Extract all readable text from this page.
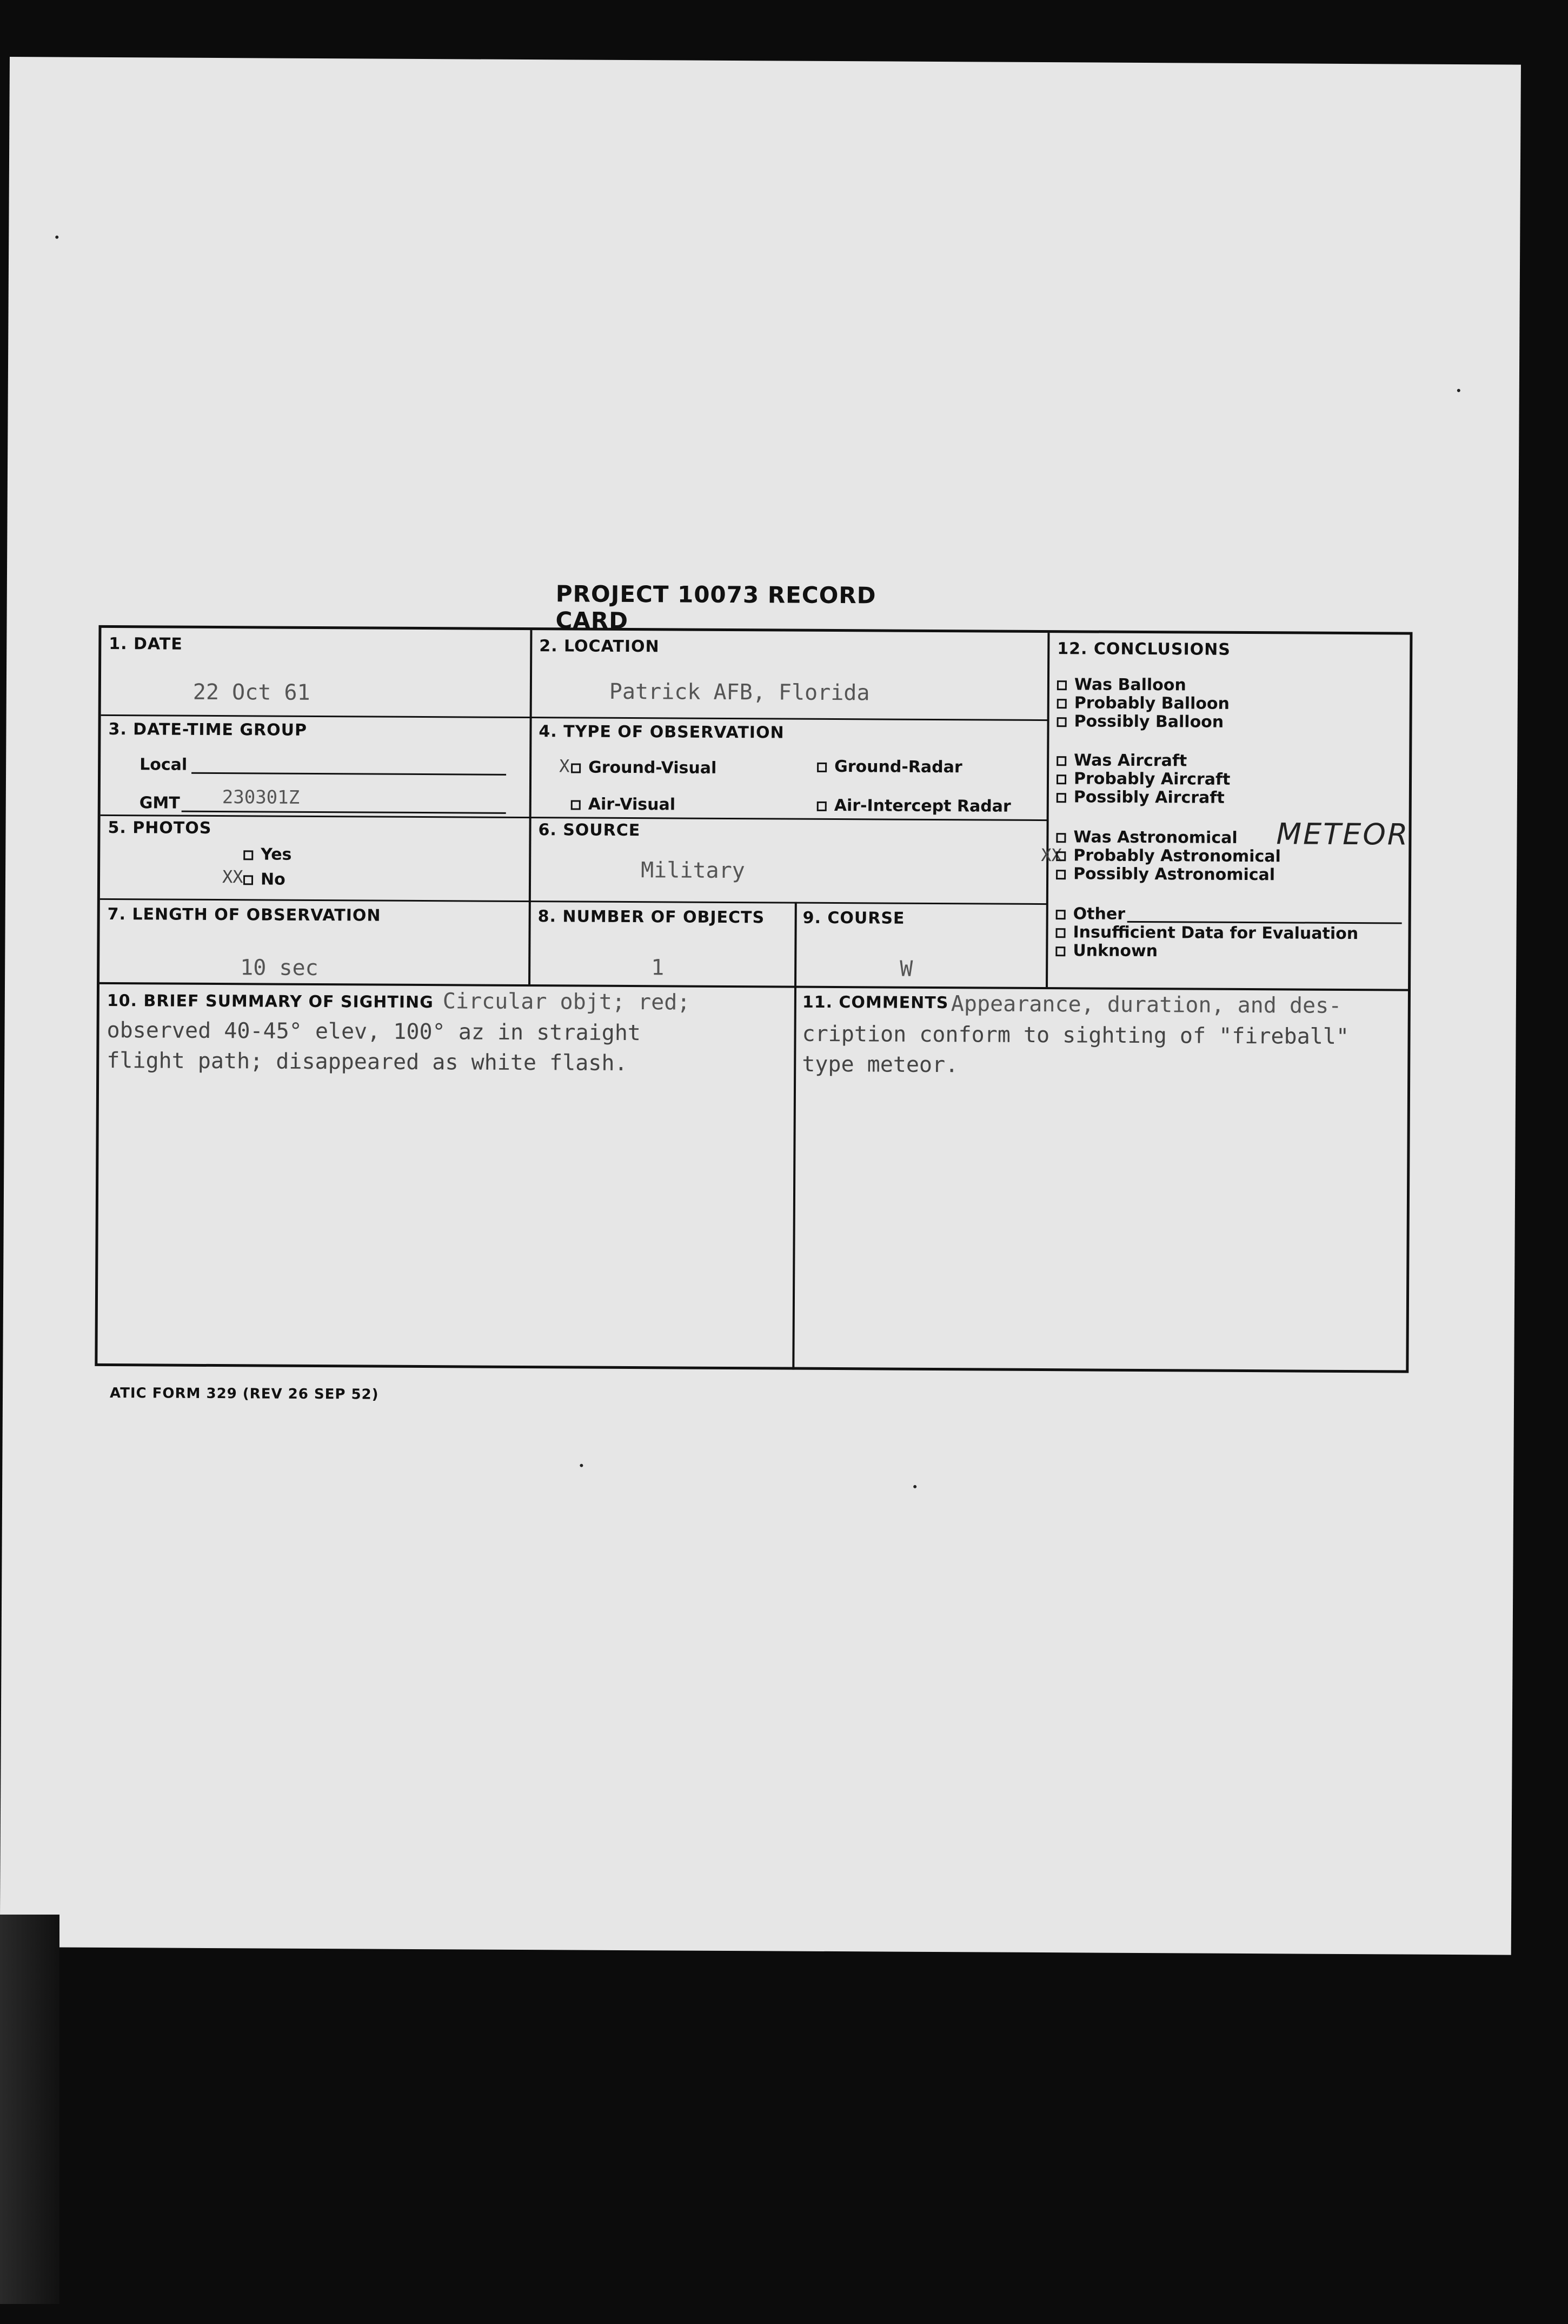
PROJECT 10073 RECORD CARD
1. DATE
22 Oct 61
2. LOCATION
Patrick AFB, Florida
3. DATE-TIME GROUP
Local
GMT 230301Z
4. TYPE OF OBSERVATION
X	Ground-Visual	Ground-Radar
Air-Visual	Air-Intercept Radar
5. PHOTOS
Yes
XX	No
6. SOURCE
Military
7. LENGTH OF OBSERVATION
10 sec
8. NUMBER OF OBJECTS
1
9. COURSE
W
12. CONCLUSIONS
Was Balloon
Probably Balloon
Possibly Balloon
Was Aircraft
Probably Aircraft
Possibly Aircraft
Was Astronomical METEOR
XX Probably Astronomical
Possibly Astronomical
Other
Insufficient Data for Evaluation
Unknown
10. BRIEF SUMMARY OF SIGHTING Circular objt; red;
observed 40-45° elev, 100° az in straight
flight path; disappeared as white flash.
11. COMMENTS Appearance, duration, and des-
cription conform to sighting of "fireball"
type meteor.
ATIC FORM 329 (REV 26 SEP 52)
